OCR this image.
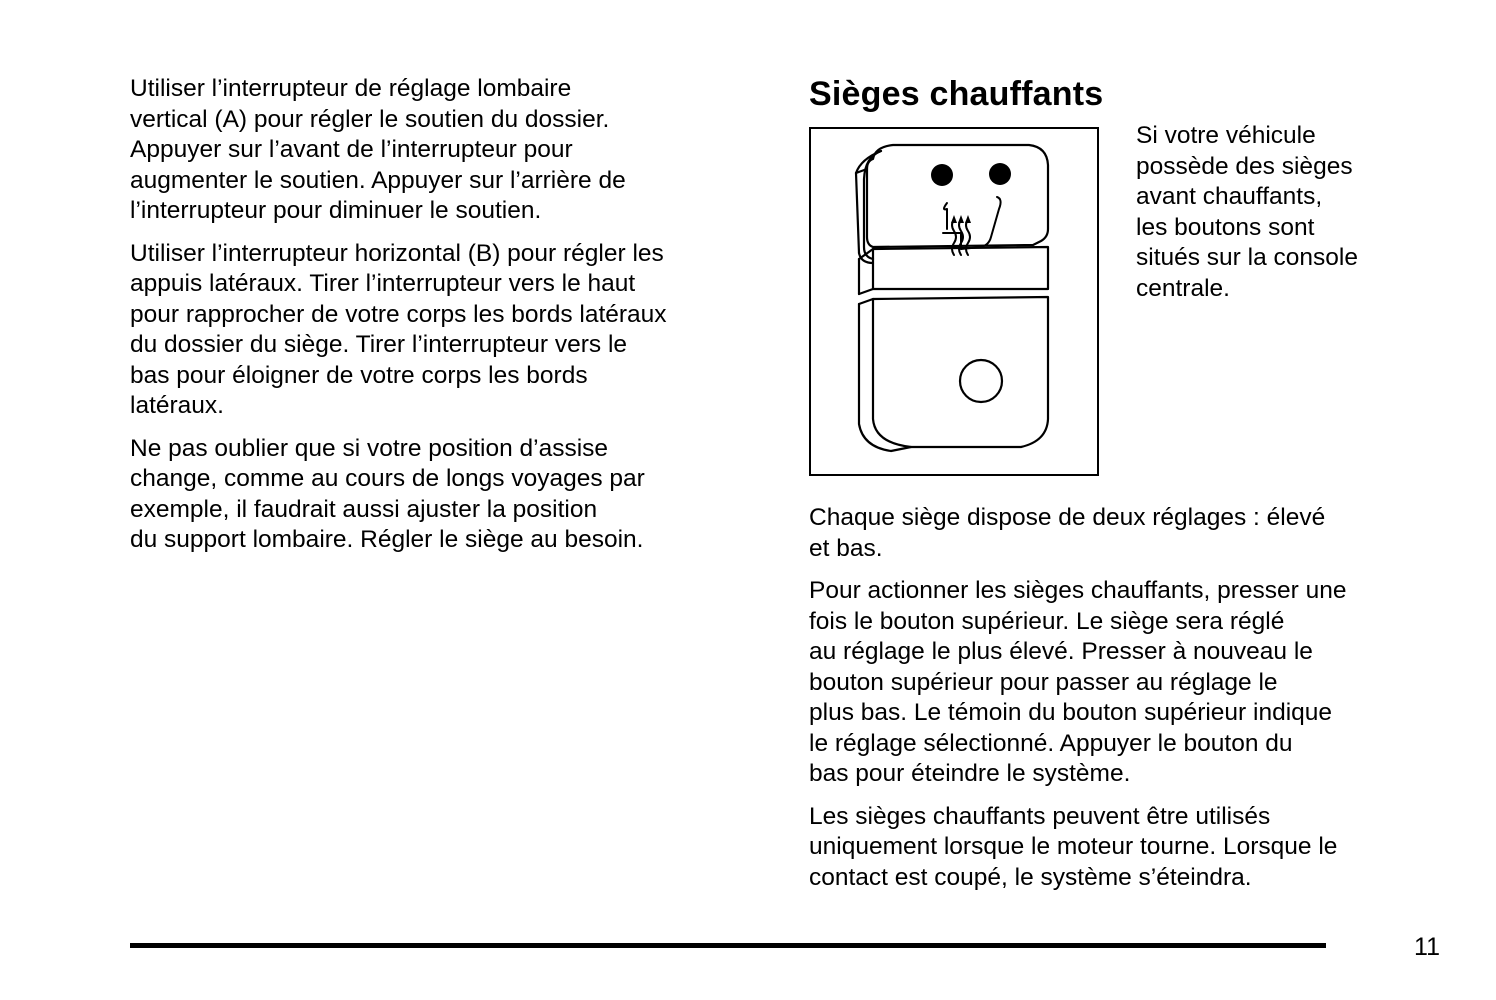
Utiliser l’interrupteur de réglage lombaire
vertical (A) pour régler le soutien du dossier.
Appuyer sur l’avant de l’interrupteur pour
augmenter le soutien. Appuyer sur l’arrière de
l’interrupteur pour diminuer le soutien.

Utiliser l’interrupteur horizontal (B) pour régler les
appuis latéraux. Tirer l’interrupteur vers le haut
pour rapprocher de votre corps les bords latéraux
du dossier du siège. Tirer l’interrupteur vers le
bas pour éloigner de votre corps les bords
latéraux.

Ne pas oublier que si votre position d’assise
change, comme au cours de longs voyages par
exemple, il faudrait aussi ajuster la position
du support lombaire. Régler le siège au besoin.

Sièges chauffants

Si votre véhicule
possède des sièges
avant chauffants,
les boutons sont
situés sur la console
centrale.

Chaque siège dispose de deux réglages : élevé
et bas.

Pour actionner les sièges chauffants, presser une
fois le bouton supérieur. Le siège sera réglé
au réglage le plus élevé. Presser à nouveau le
bouton supérieur pour passer au réglage le
plus bas. Le témoin du bouton supérieur indique
le réglage sélectionné. Appuyer le bouton du
bas pour éteindre le système.

Les sièges chauffants peuvent être utilisés
uniquement lorsque le moteur tourne. Lorsque le
contact est coupé, le système s’éteindra.

11
